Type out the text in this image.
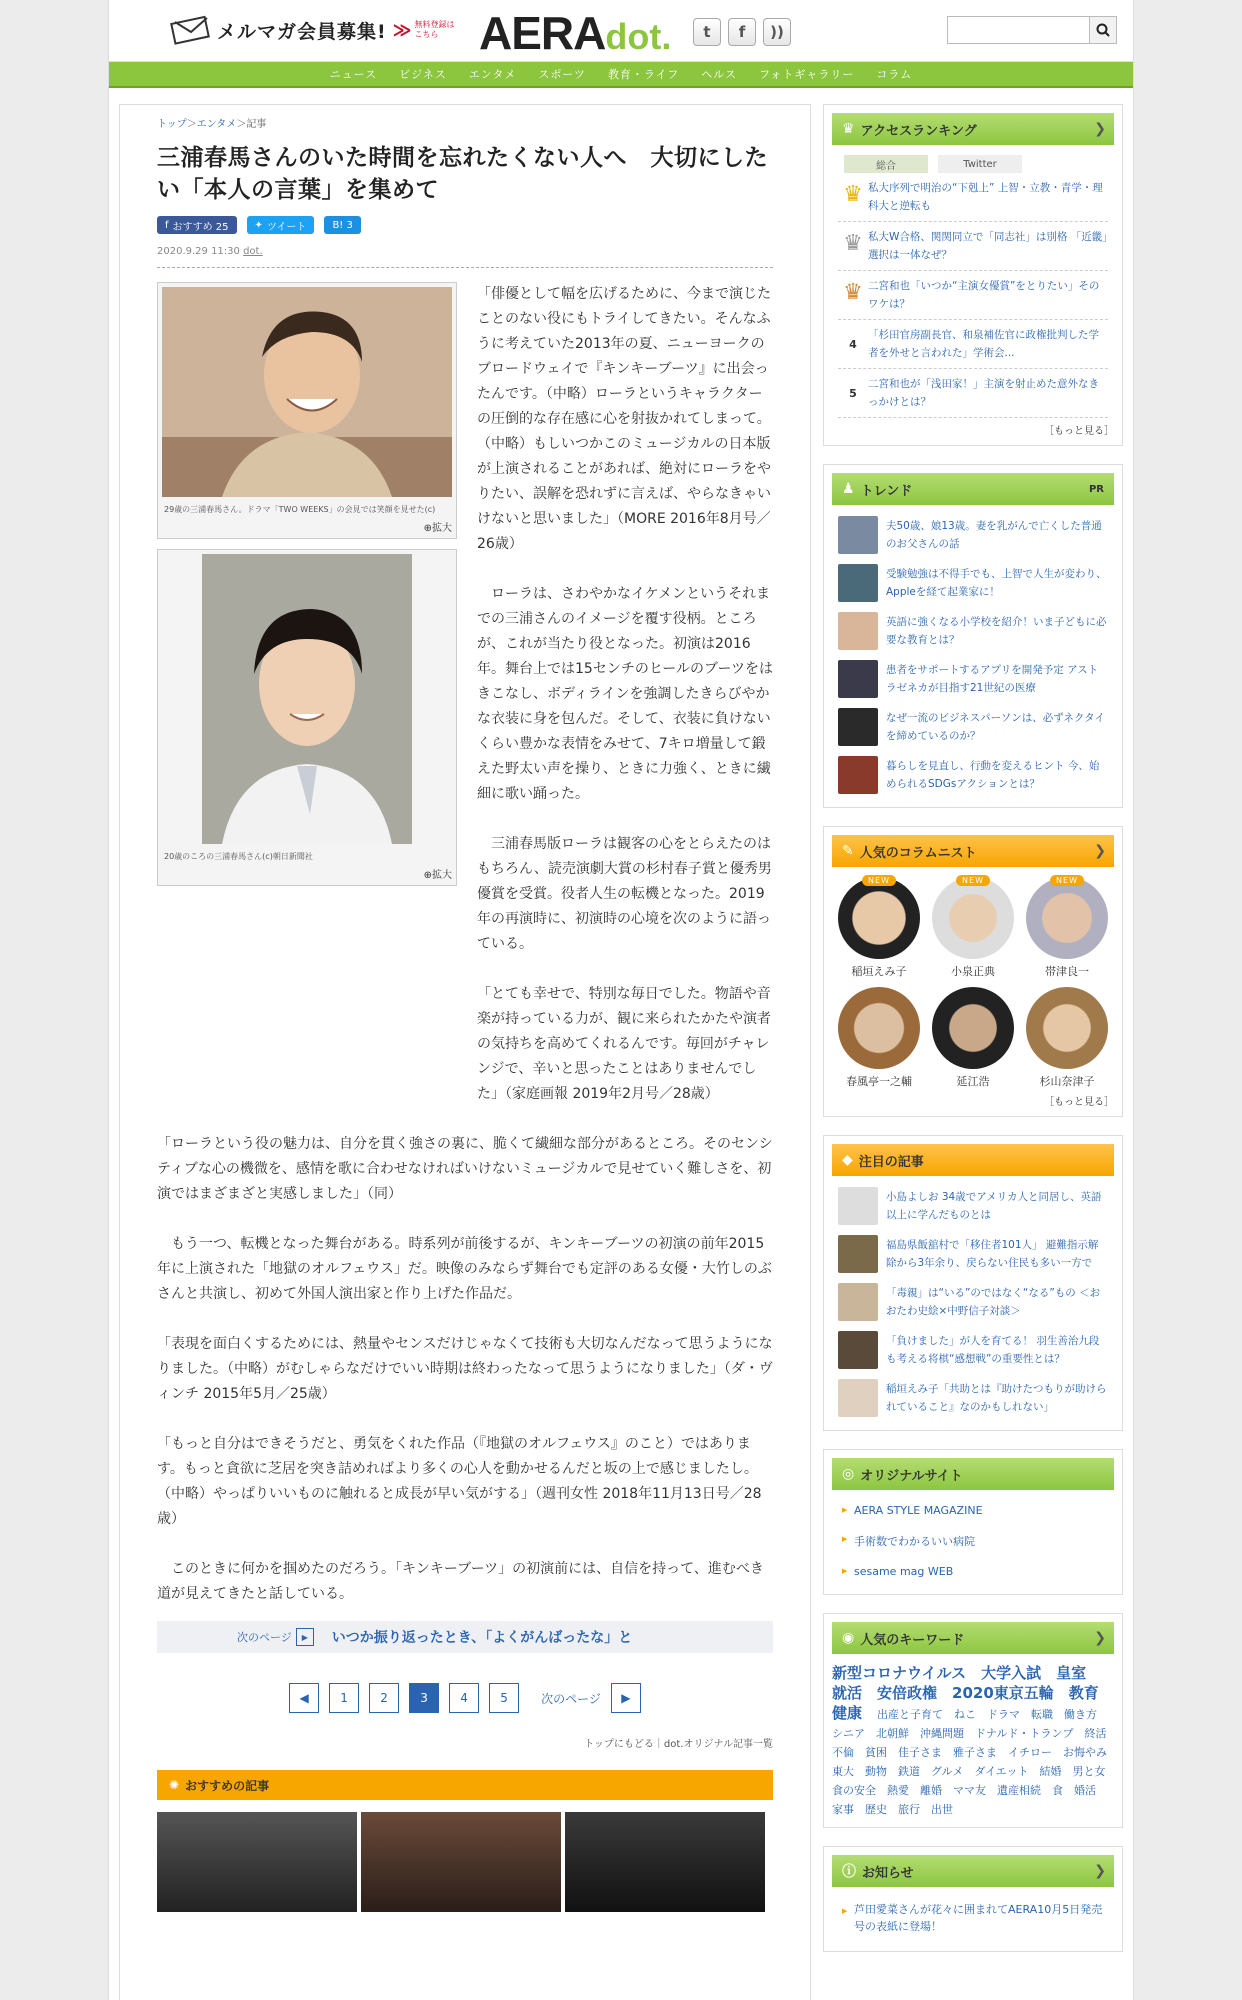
メルマガ会員募集! ≫ 無料登録はこちら AERAdot.	t	f	))
ニュース ビジネス エンタメ スポーツ 教育・ライフ ヘルス フォトギャラリー コラム
トップ＞エンタメ＞記事
三浦春馬さんのいた時間を忘れたくない人へ　大切にしたい「本人の言葉」を集めて
f おすすめ 25	✦ ツイート	B! 3
2020.9.29 11:30 dot.
29歳の三浦春馬さん。ドラマ「TWO WEEKS」の会見では笑顔を見せた(c)
⊕拡大
20歳のころの三浦春馬さん(c)朝日新聞社
⊕拡大

「俳優として幅を広げるために、今まで演じたことのない役にもトライしてきたい。そんなふうに考えていた2013年の夏、ニューヨークのブロードウェイで『キンキーブーツ』に出会ったんです。（中略）ローラというキャラクターの圧倒的な存在感に心を射抜かれてしまって。（中略）もしいつかこのミュージカルの日本版が上演されることがあれば、絶対にローラをやりたい、誤解を恐れずに言えば、やらなきゃいけないと思いました」（MORE 2016年8月号／26歳）

　ローラは、さわやかなイケメンというそれまでの三浦さんのイメージを覆す役柄。ところが、これが当たり役となった。初演は2016年。舞台上では15センチのヒールのブーツをはきこなし、ボディラインを強調したきらびやかな衣装に身を包んだ。そして、衣装に負けないくらい豊かな表情をみせて、7キロ増量して鍛えた野太い声を操り、ときに力強く、ときに繊細に歌い踊った。

　三浦春馬版ローラは観客の心をとらえたのはもちろん、読売演劇大賞の杉村春子賞と優秀男優賞を受賞。役者人生の転機となった。2019年の再演時に、初演時の心境を次のように語っている。

「とても幸せで、特別な毎日でした。物語や音楽が持っている力が、観に来られたかたや演者の気持ちを高めてくれるんです。毎回がチャレンジで、辛いと思ったことはありませんでした」（家庭画報 2019年2月号／28歳）

「ローラという役の魅力は、自分を貫く強さの裏に、脆くて繊細な部分があるところ。そのセンシティブな心の機微を、感情を歌に合わせなければいけないミュージカルで見せていく難しさを、初演ではまざまざと実感しました」（同）

　もう一つ、転機となった舞台がある。時系列が前後するが、キンキーブーツの初演の前年2015年に上演された「地獄のオルフェウス」だ。映像のみならず舞台でも定評のある女優・大竹しのぶさんと共演し、初めて外国人演出家と作り上げた作品だ。

「表現を面白くするためには、熱量やセンスだけじゃなくて技術も大切なんだなって思うようになりました。（中略）がむしゃらなだけでいい時期は終わったなって思うようになりました」（ダ・ヴィンチ 2015年5月／25歳）

「もっと自分はできそうだと、勇気をくれた作品（『地獄のオルフェウス』のこと）ではあります。もっと貪欲に芝居を突き詰めればより多くの心人を動かせるんだと坂の上で感じましたし。（中略）やっぱりいいものに触れると成長が早い気がする」（週刊女性 2018年11月13日号／28歳）

　このときに何かを掴めたのだろう。「キンキーブーツ」の初演前には、自信を持って、進むべき道が見えてきたと話している。

次のページ	▶	いつか振り返ったとき、「よくがんばったな」と
◀	1	2	3	4	5	次のページ	▶
トップにもどる｜dot.オリジナル記事一覧
✺ おすすめの記事
♛ アクセスランキング	❯
総合	Twitter
♛ 私大序列で明治の“下剋上” 上智・立教・青学・理科大と逆転も
♛ 私大W合格、関関同立で「同志社」は別格 「近畿」選択は一体なぜ？
♛ 二宮和也「いつか“主演女優賞”をとりたい」そのワケは？
4
「杉田官房副長官、和泉補佐官に政権批判した学者を外せと言われた」学術会...
5
二宮和也が「浅田家！」主演を射止めた意外なきっかけとは？
［もっと見る］
♟ トレンド	PR
夫50歳、娘13歳。妻を乳がんで亡くした普通のお父さんの話
受験勉強は不得手でも、上智で人生が変わり、Appleを経て起業家に！
英語に強くなる小学校を紹介！いま子どもに必要な教育とは？
患者をサポートするアプリを開発予定 アストラゼネカが目指す21世紀の医療
なぜ一流のビジネスパーソンは、必ずネクタイを締めているのか？
暮らしを見直し、行動を変えるヒント 今、始められるSDGsアクションとは？
✎ 人気のコラムニスト	❯
NEW
稲垣えみ子
NEW
小泉正典
NEW
帯津良一
春風亭一之輔	延江浩	杉山奈津子
［もっと見る］
◆ 注目の記事
小島よしお 34歳でアメリカ人と同居し、英語以上に学んだものとは
福島県飯舘村で「移住者101人」 避難指示解除から3年余り、戻らない住民も多い一方で
「毒親」は“いる”のではなく“なる”もの ＜おおたわ史絵×中野信子対談＞
「負けました」が人を育てる！ 羽生善治九段も考える将棋“感想戦”の重要性とは？
稲垣えみ子「共助とは『助けたつもりが助けられていること』なのかもしれない」
◎ オリジナルサイト
▶ AERA STYLE MAGAZINE
▶ 手術数でわかるいい病院
▶ sesame mag WEB
◉ 人気のキーワード	❯
新型コロナウイルス　大学入試　皇室　就活　安倍政権　2020東京五輪　教育　健康　出産と子育て　ねこ　ドラマ　転職　働き方　シニア　北朝鮮　沖縄問題　ドナルド・トランプ　終活　不倫　貧困　佳子さま　雅子さま　イチロー　お悔やみ　東大　動物　鉄道　グルメ　ダイエット　結婚　男と女　食の安全　熱愛　離婚　ママ友　遺産相続　食　婚活　家事　歴史　旅行　出世　
ⓘ お知らせ	❯
▶ 芦田愛菜さんが花々に囲まれてAERA10月5日発売号の表紙に登場！
